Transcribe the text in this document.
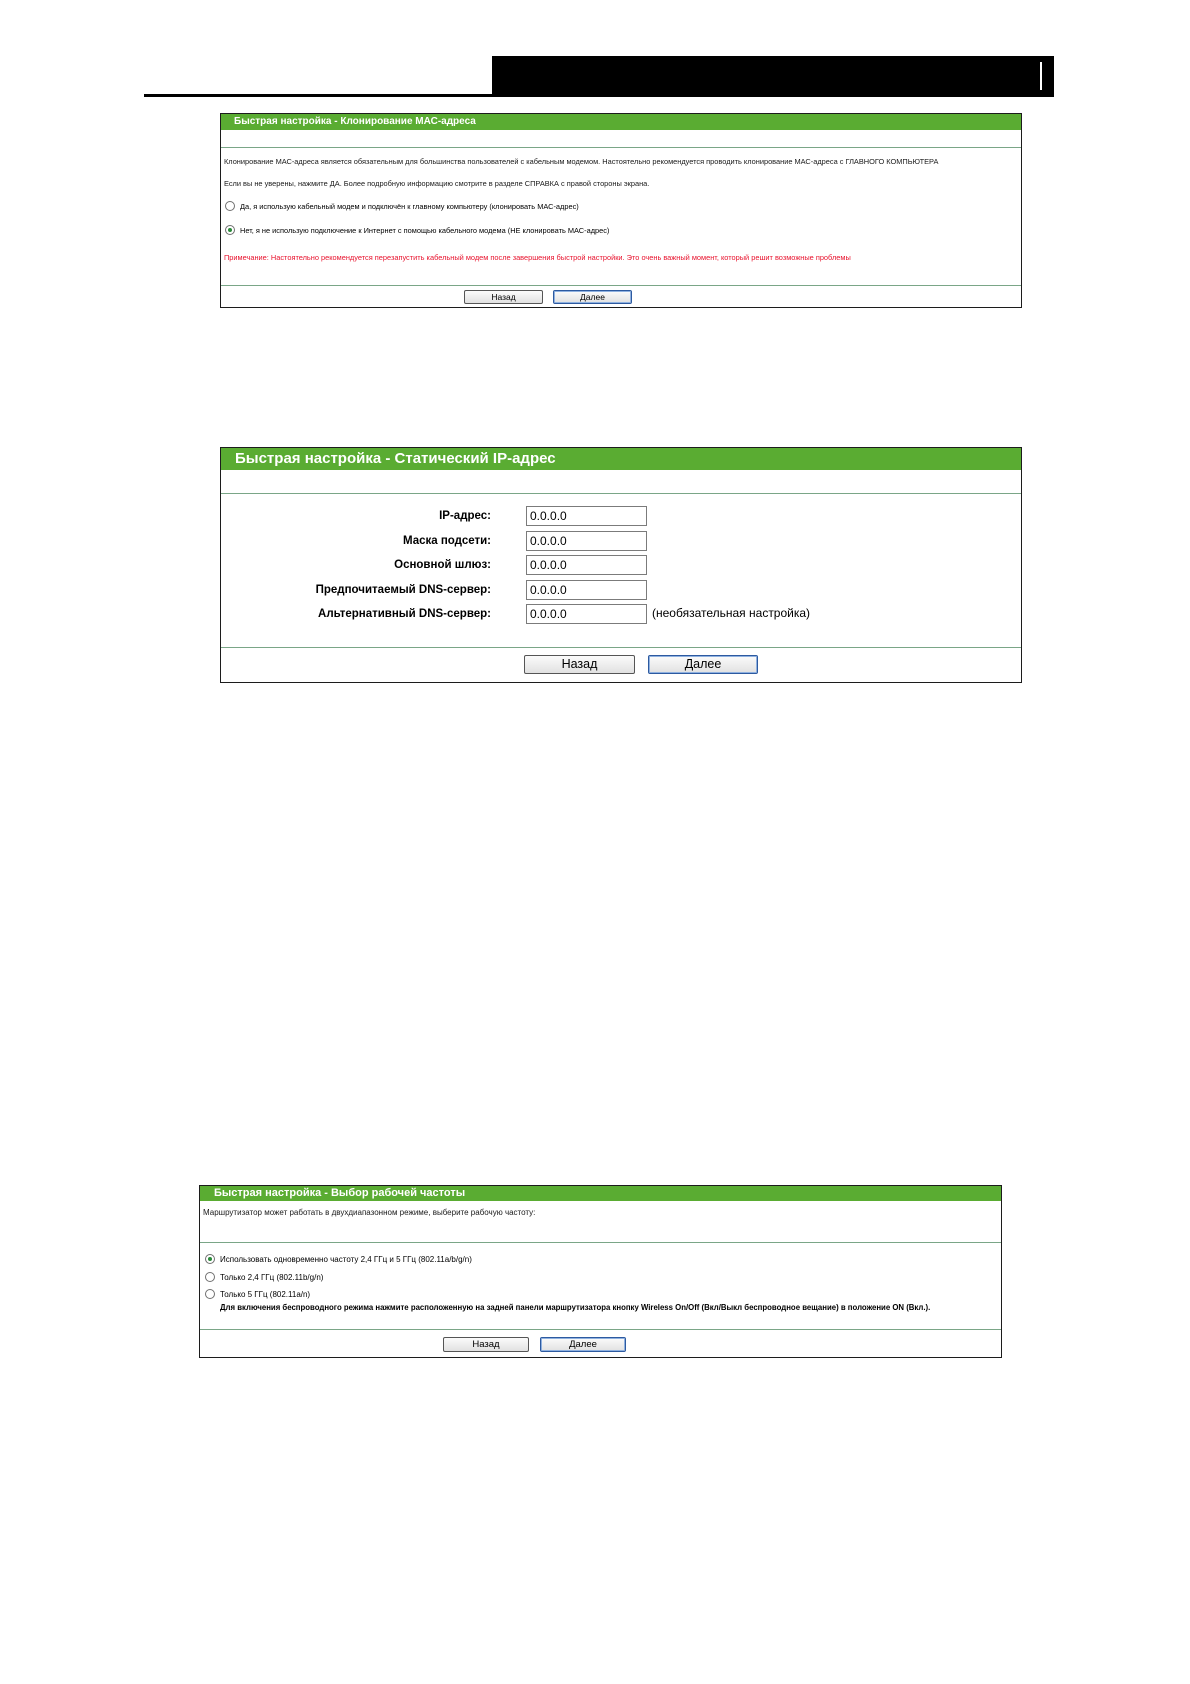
Быстрая настройка - Клонирование МАС-адреса
Клонирование МАС-адреса является обязательным для большинства пользователей с кабельным модемом. Настоятельно рекомендуется проводить клонирование МАС-адреса с ГЛАВНОГО КОМПЬЮТЕРА
Если вы не уверены, нажмите ДА. Более подробную информацию смотрите в разделе СПРАВКА с правой стороны экрана.
Да, я использую кабельный модем и подключён к главному компьютеру (клонировать МАС-адрес)
Нет, я не использую подключение к Интернет с помощью кабельного модема (НЕ клонировать МАС-адрес)
Примечание: Настоятельно рекомендуется перезапустить кабельный модем после завершения быстрой настройки. Это очень важный момент, который решит возможные проблемы
Назад	Далее
Быстрая настройка - Статический IP-адрес
IP-адрес:
0.0.0.0
Маска подсети:
0.0.0.0
Основной шлюз:
0.0.0.0
Предпочитаемый DNS-сервер:
0.0.0.0
Альтернативный DNS-сервер:
0.0.0.0	(необязательная настройка)
Назад	Далее
Быстрая настройка - Выбор рабочей частоты
Маршрутизатор может работать в двухдиапазонном режиме, выберите рабочую частоту:
Использовать одновременно частоту 2,4 ГГц и 5 ГГц (802.11a/b/g/n)
Только 2,4 ГГц (802.11b/g/n)
Только 5 ГГц (802.11a/n)
Для включения беспроводного режима нажмите расположенную на задней панели маршрутизатора кнопку Wireless On/Off (Вкл/Выкл беспроводное вещание) в положение ON (Вкл.).
Назад	Далее
